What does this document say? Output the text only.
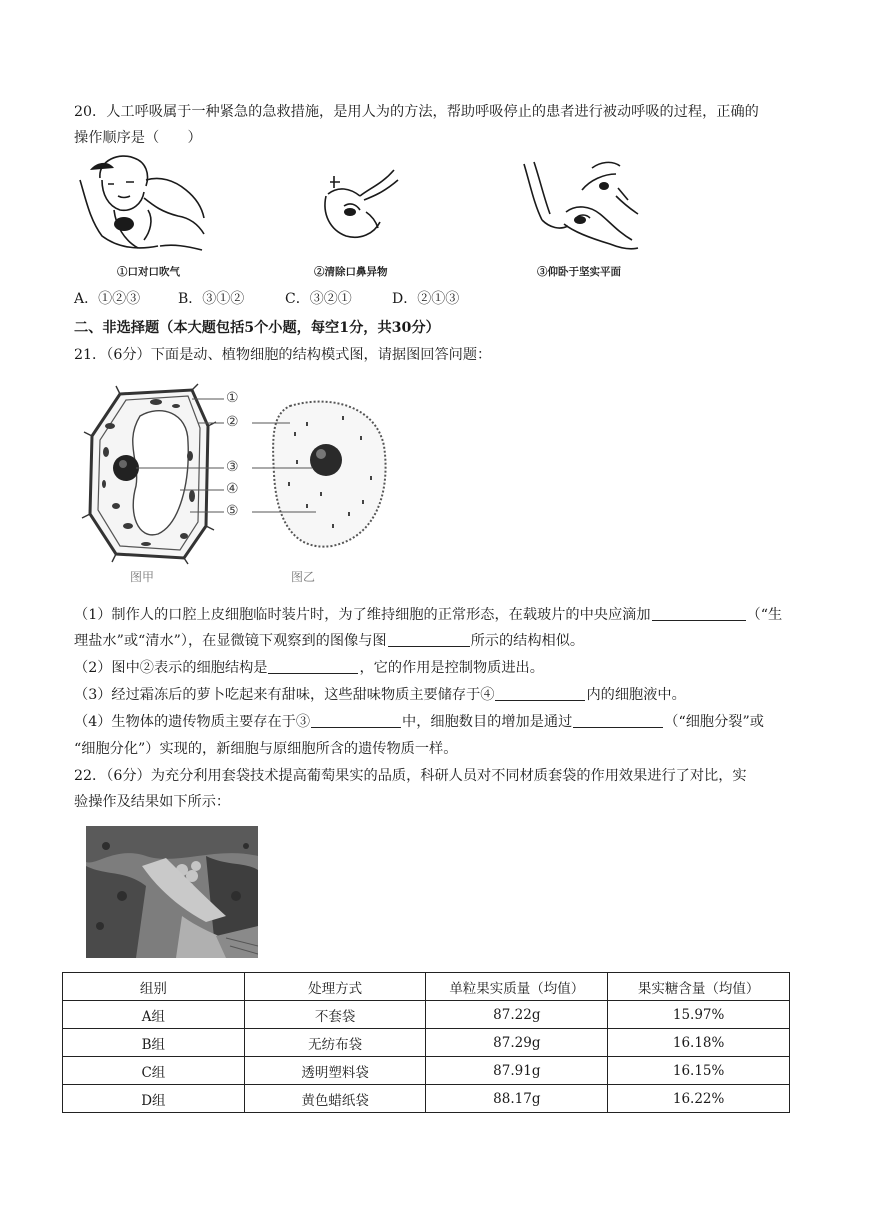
20．人工呼吸属于一种紧急的急救措施，是用人为的方法，帮助呼吸停止的患者进行被动呼吸的过程，正确的
操作顺序是（　　）
①口对口吹气	②清除口鼻异物	③仰卧于坚实平面
A．①②③	B．③①②	C．③②①	D．②①③
二、非选择题（本大题包括5个小题，每空1分，共30分）
21．（6分）下面是动、植物细胞的结构模式图，请据图回答问题：
①
②
③
④
⑤
图甲	图乙
（1）制作人的口腔上皮细胞临时装片时，为了维持细胞的正常形态，在载玻片的中央应滴加	（“生
理盐水”或“清水”），在显微镜下观察到的图像与图	所示的结构相似。
（2）图中②表示的细胞结构是	，它的作用是控制物质进出。
（3）经过霜冻后的萝卜吃起来有甜味，这些甜味物质主要储存于④	内的细胞液中。
（4）生物体的遗传物质主要存在于③	中，细胞数目的增加是通过	（“细胞分裂”或
“细胞分化”）实现的，新细胞与原细胞所含的遗传物质一样。
22．（6分）为充分利用套袋技术提高葡萄果实的品质，科研人员对不同材质套袋的作用效果进行了对比，实
验操作及结果如下所示：
组别	处理方式	单粒果实质量（均值）	果实糖含量（均值）
A组	不套袋	87.22g	15.97%
B组	无纺布袋	87.29g	16.18%
C组	透明塑料袋	87.91g	16.15%
D组	黄色蜡纸袋	88.17g	16.22%
